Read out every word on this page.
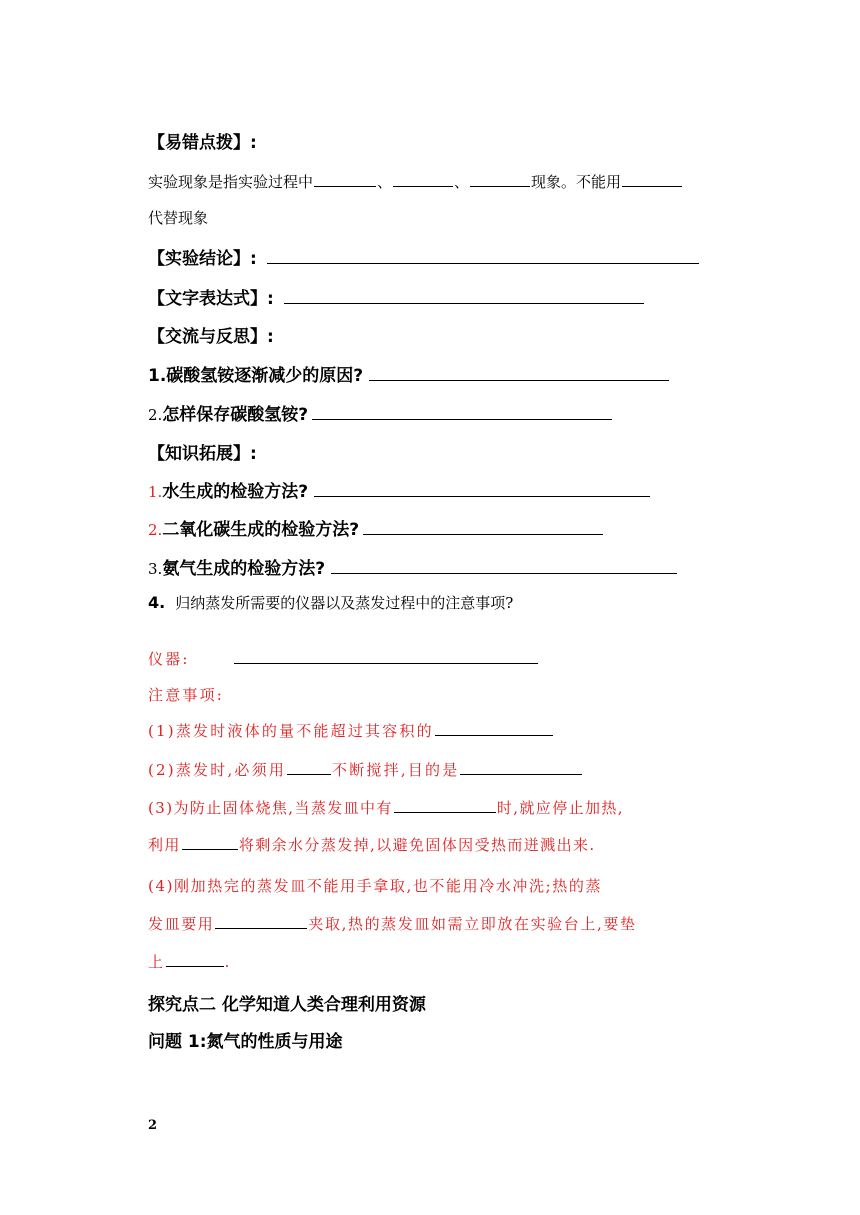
【易错点拨】:
实验现象是指实验过程中	、	、	现象。不能用
代替现象
【实验结论】:
【文字表达式】:
【交流与反思】:
1.碳酸氢铵逐渐减少的原因?
2.怎样保存碳酸氢铵?
【知识拓展】:
1.水生成的检验方法?
2.二氧化碳生成的检验方法?
3.氨气生成的检验方法?
4. 归纳蒸发所需要的仪器以及蒸发过程中的注意事项?
仪器:
注意事项:
(1)蒸发时液体的量不能超过其容积的
(2)蒸发时,必须用	不断搅拌,目的是
(3)为防止固体烧焦,当蒸发皿中有	时,就应停止加热,
利用	将剩余水分蒸发掉,以避免固体因受热而迸溅出来.
(4)刚加热完的蒸发皿不能用手拿取,也不能用冷水冲洗;热的蒸
发皿要用	夹取,热的蒸发皿如需立即放在实验台上,要垫
上	.
探究点二 化学知道人类合理利用资源
问题 1:氮气的性质与用途
2
